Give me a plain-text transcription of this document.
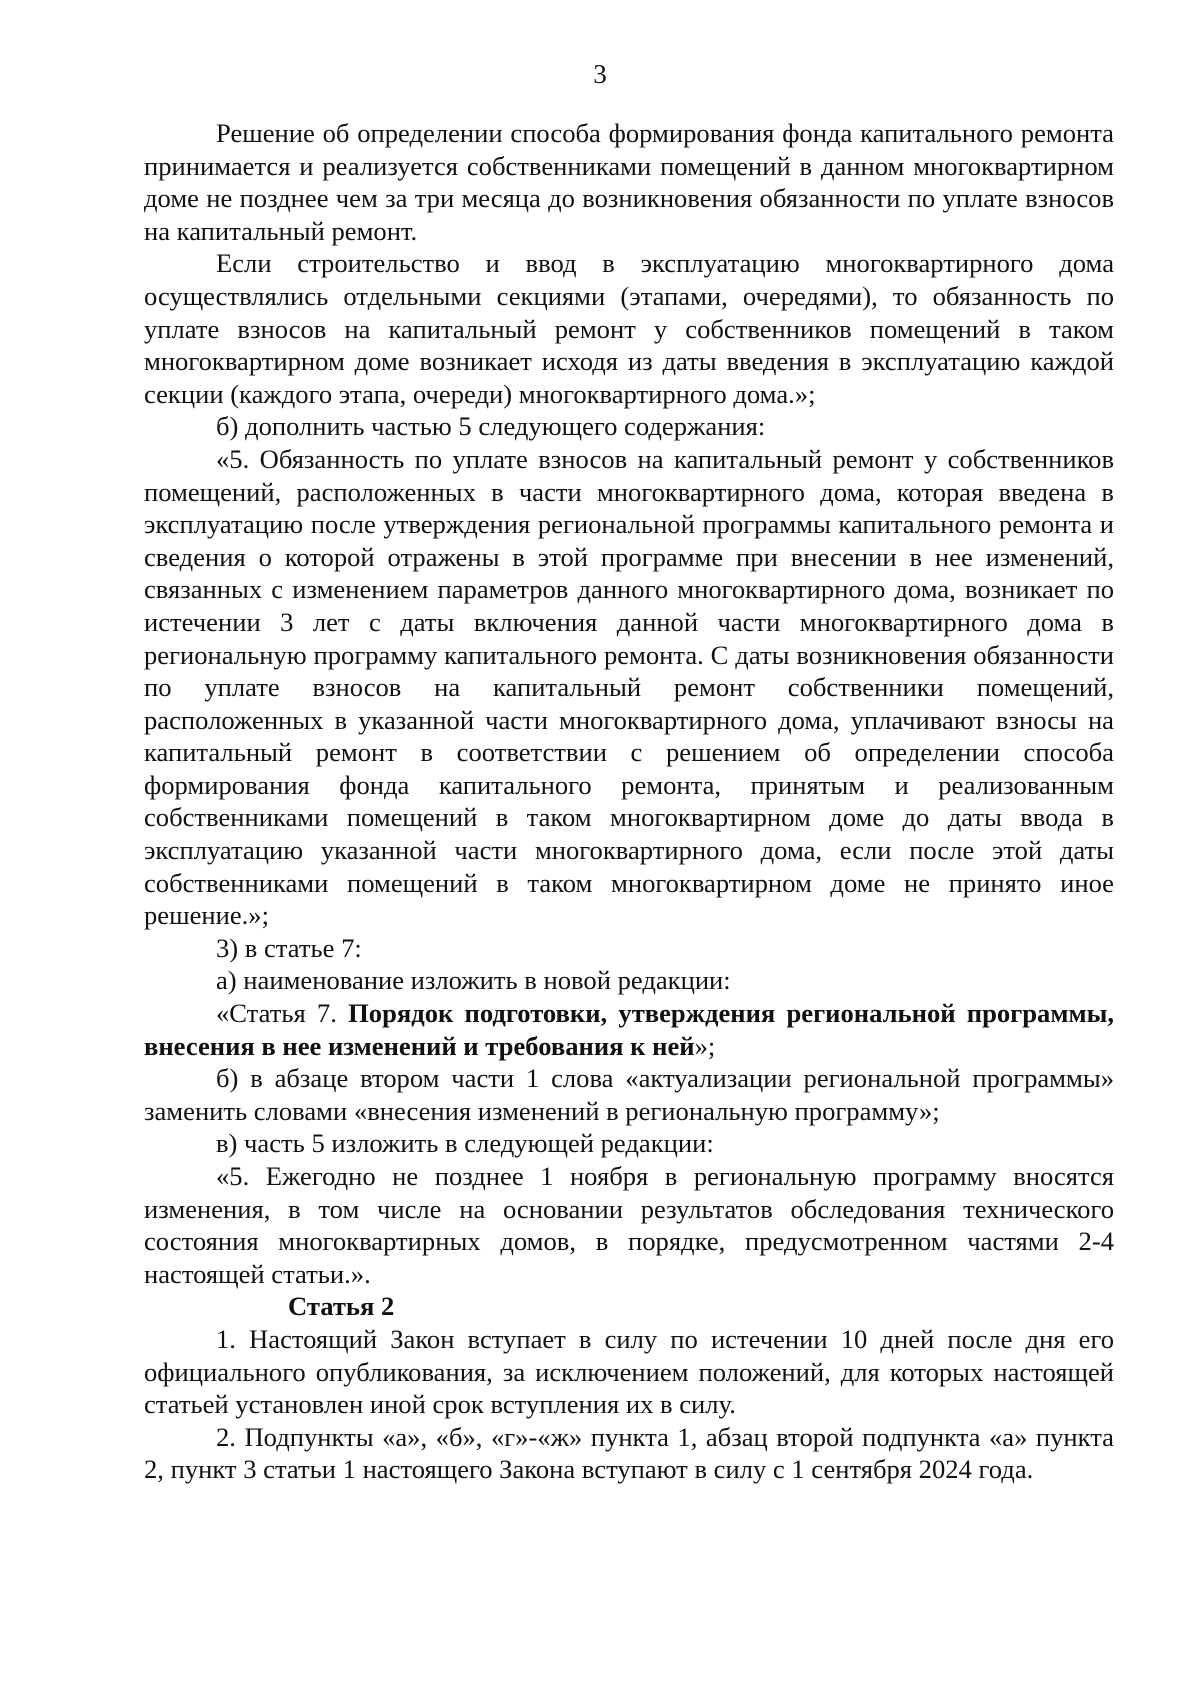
3

Решение об определении способа формирования фонда капитального ремонта принимается и реализуется собственниками помещений в данном многоквартирном доме не позднее чем за три месяца до возникновения обязанности по уплате взносов на капитальный ремонт.

Если строительство и ввод в эксплуатацию многоквартирного дома осуществлялись отдельными секциями (этапами, очередями), то обязанность по уплате взносов на капитальный ремонт у собственников помещений в таком многоквартирном доме возникает исходя из даты введения в эксплуатацию каждой секции (каждого этапа, очереди) многоквартирного дома.»;

б) дополнить частью 5 следующего содержания:

«5. Обязанность по уплате взносов на капитальный ремонт у собственников помещений, расположенных в части многоквартирного дома, которая введена в эксплуатацию после утверждения региональной программы капитального ремонта и сведения о которой отражены в этой программе при внесении в нее изменений, связанных с изменением параметров данного многоквартирного дома, возникает по истечении 3 лет с даты включения данной части многоквартирного дома в региональную программу капитального ремонта. С даты возникновения обязанности по уплате взносов на капитальный ремонт собственники помещений, расположенных в указанной части многоквартирного дома, уплачивают взносы на капитальный ремонт в соответствии с решением об определении способа формирования фонда капитального ремонта, принятым и реализованным собственниками помещений в таком многоквартирном доме до даты ввода в эксплуатацию указанной части многоквартирного дома, если после этой даты собственниками помещений в таком многоквартирном доме не принято иное решение.»;

3) в статье 7:

а) наименование изложить в новой редакции:

«Статья 7. Порядок подготовки, утверждения региональной программы, внесения в нее изменений и требования к ней»;

б) в абзаце втором части 1 слова «актуализации региональной программы» заменить словами «внесения изменений в региональную программу»;

в) часть 5 изложить в следующей редакции:

«5. Ежегодно не позднее 1 ноября в региональную программу вносятся изменения, в том числе на основании результатов обследования технического состояния многоквартирных домов, в порядке, предусмотренном частями 2-4 настоящей статьи.».

Статья 2

1. Настоящий Закон вступает в силу по истечении 10 дней после дня его официального опубликования, за исключением положений, для которых настоящей статьей установлен иной срок вступления их в силу.

2. Подпункты «а», «б», «г»-«ж» пункта 1, абзац второй подпункта «а» пункта 2, пункт 3 статьи 1 настоящего Закона вступают в силу с 1 сентября 2024 года.
